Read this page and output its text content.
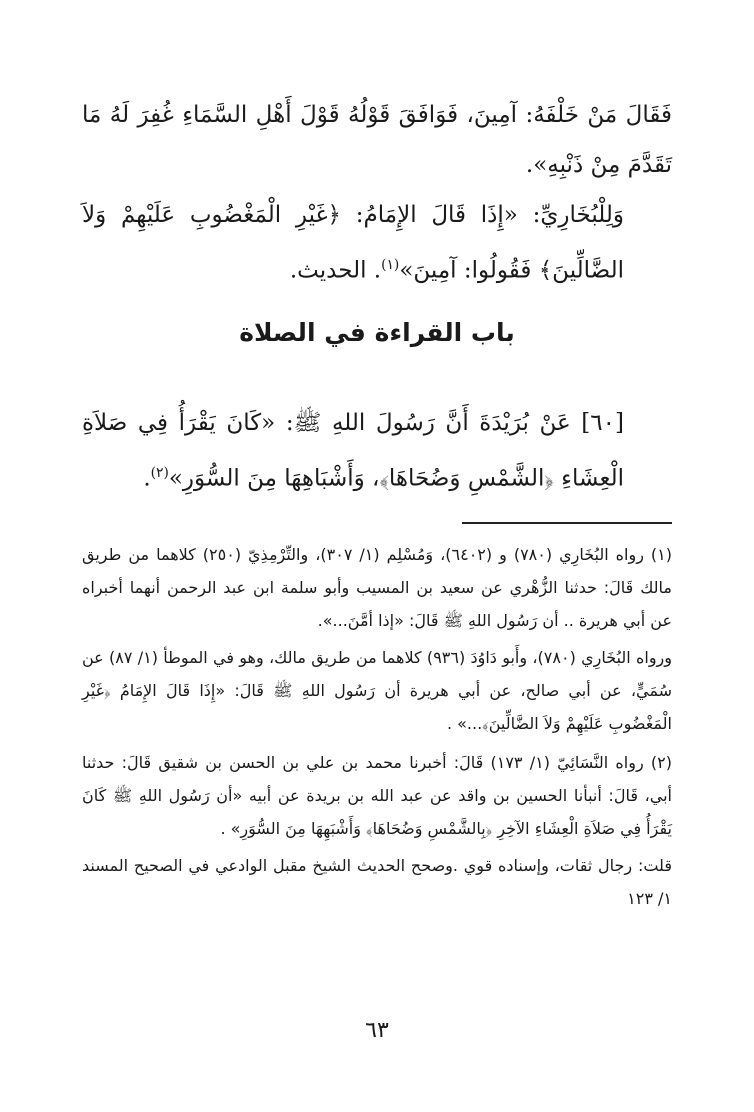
فَقَالَ مَنْ خَلْفَهُ: آمِينَ، فَوَافَقَ قَوْلُهُ قَوْلَ أَهْلِ السَّمَاءِ غُفِرَ لَهُ مَا تَقَدَّمَ مِنْ ذَنْبِهِ».
وَلِلْبُخَارِيِّ: «إِذَا قَالَ الإِمَامُ: ﴿غَيْرِ الْمَغْضُوبِ عَلَيْهِمْ وَلاَ الضَّالِّينَ﴾ فَقُولُوا: آمِينَ»$^{(١)}$. الحديث.
باب القراءة في الصلاة
[٦٠] عَنْ بُرَيْدَةَ أَنَّ رَسُولَ اللهِ ﷺ: «كَانَ يَقْرَأُ فِي صَلاَةِ الْعِشَاءِ ﴿الشَّمْسِ وَضُحَاهَا﴾، وَأَشْبَاهِهَا مِنَ السُّوَرِ»$^{(٢)}$.

(١) رواه البُخَارِي (٧٨٠) و (٦٤٠٢)، وَمُسْلِم (١/ ٣٠٧)، والتِّرْمِذِيّ (٢٥٠) كلاهما من طريق مالك قَالَ: حدثنا الزُّهْري عن سعيد بن المسيب وأبو سلمة ابن عبد الرحمن أنهما أخبراه عن أبي هريرة .. أن رَسُول اللهِ ﷺ قَالَ: «إذا أمَّنَ...».

ورواه البُخَارِي (٧٨٠)، وأَبو دَاوُدَ (٩٣٦) كلاهما من طريق مالك، وهو في الموطأ (١/ ٨٧) عن سُمَيٍّ، عن أبي صالح، عن أبي هريرة أن رَسُول اللهِ ﷺ قَالَ: «إِذَا قَالَ الإِمَامُ ﴿غَيْرِ الْمَغْضُوبِ عَلَيْهِمْ وَلاَ الضَّالِّينَ﴾...» .

(٢) رواه النَّسَائِيّ (١/ ١٧٣) قَالَ: أخبرنا محمد بن علي بن الحسن بن شقيق قَالَ: حدثنا أبي، قَالَ: أنبأنا الحسين بن واقد عن عبد الله بن بريدة عن أبيه «أن رَسُول اللهِ ﷺ كَانَ يَقْرَأُ فِي صَلاَةِ الْعِشَاءِ الآخِرِ ﴿بِالشَّمْسِ وَضُحَاهَا﴾ وَأَشْبَهِهَا مِنَ السُّوَرِ» .

قلت: رجال ثقات، وإسناده قوي .وصحح الحديث الشيخ مقبل الوادعي في الصحيح المسند ١/ ١٢٣

٦٣
